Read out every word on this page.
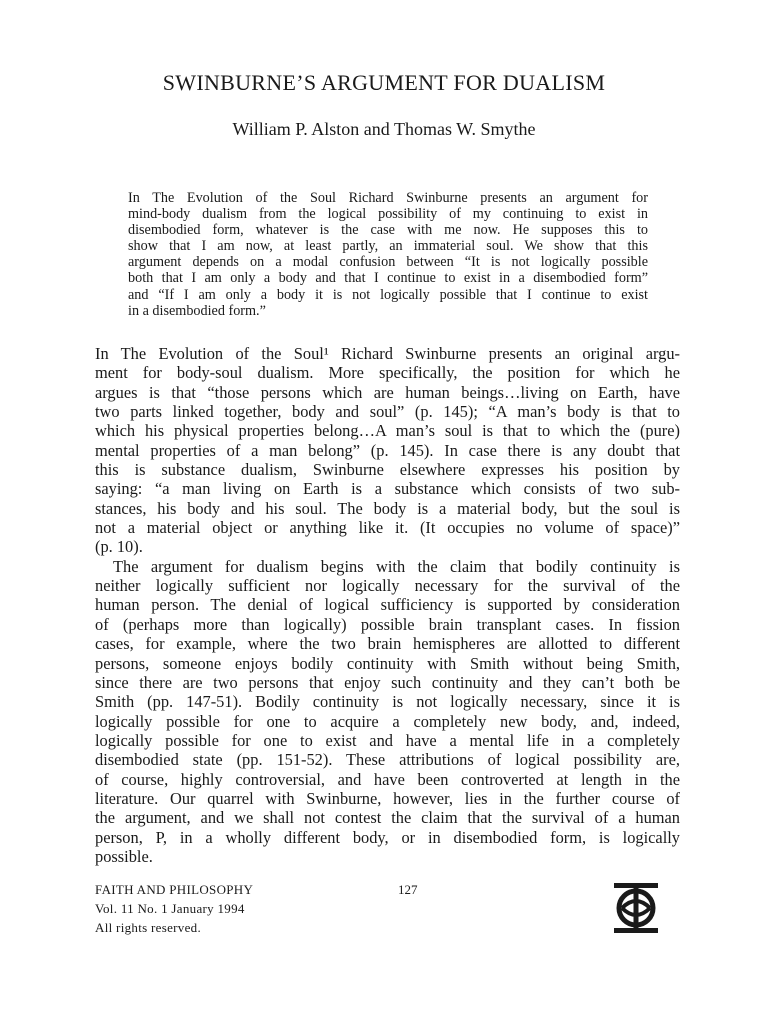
SWINBURNE’S ARGUMENT FOR DUALISM
William P. Alston and Thomas W. Smythe
In The Evolution of the Soul Richard Swinburne presents an argument for
mind-body dualism from the logical possibility of my continuing to exist in
disembodied form, whatever is the case with me now. He supposes this to
show that I am now, at least partly, an immaterial soul. We show that this
argument depends on a modal confusion between “It is not logically possible
both that I am only a body and that I continue to exist in a disembodied form”
and “If I am only a body it is not logically possible that I continue to exist
in a disembodied form.”
In The Evolution of the Soul¹ Richard Swinburne presents an original argu-
ment for body-soul dualism. More specifically, the position for which he
argues is that “those persons which are human beings…living on Earth, have
two parts linked together, body and soul” (p. 145); “A man’s body is that to
which his physical properties belong…A man’s soul is that to which the (pure)
mental properties of a man belong” (p. 145). In case there is any doubt that
this is substance dualism, Swinburne elsewhere expresses his position by
saying: “a man living on Earth is a substance which consists of two sub-
stances, his body and his soul. The body is a material body, but the soul is
not a material object or anything like it. (It occupies no volume of space)”
(p. 10).
The argument for dualism begins with the claim that bodily continuity is
neither logically sufficient nor logically necessary for the survival of the
human person. The denial of logical sufficiency is supported by consideration
of (perhaps more than logically) possible brain transplant cases. In fission
cases, for example, where the two brain hemispheres are allotted to different
persons, someone enjoys bodily continuity with Smith without being Smith,
since there are two persons that enjoy such continuity and they can’t both be
Smith (pp. 147-51). Bodily continuity is not logically necessary, since it is
logically possible for one to acquire a completely new body, and, indeed,
logically possible for one to exist and have a mental life in a completely
disembodied state (pp. 151-52). These attributions of logical possibility are,
of course, highly controversial, and have been controverted at length in the
literature. Our quarrel with Swinburne, however, lies in the further course of
the argument, and we shall not contest the claim that the survival of a human
person, P, in a wholly different body, or in disembodied form, is logically
possible.
FAITH AND PHILOSOPHY
Vol. 11 No. 1 January 1994
All rights reserved.
127
